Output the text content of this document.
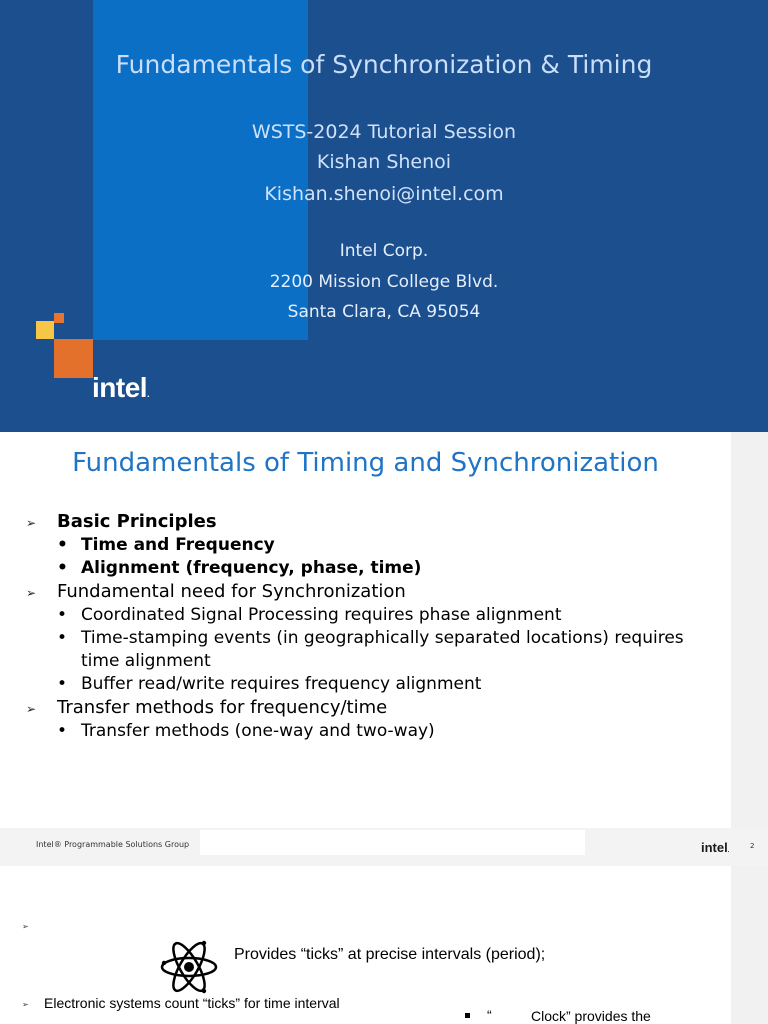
Fundamentals of Synchronization & Timing
WSTS-2024 Tutorial Session
Kishan Shenoi
Kishan.shenoi@intel.com
Intel Corp.
2200 Mission College Blvd.
Santa Clara, CA 95054
intel.
Fundamentals of Timing and Synchronization
➢ Basic Principles
• Time and Frequency
• Alignment (frequency, phase, time)
➢ Fundamental need for Synchronization
• Coordinated Signal Processing requires phase alignment
• Time-stamping events (in geographically separated locations) requires time alignment
• Buffer read/write requires frequency alignment
➢ Transfer methods for frequency/time
• Transfer methods (one-way and two-way)
Intel® Programmable Solutions Group	intel.
2
➢
Provides “ticks” at precise intervals (period);
➢ Electronic systems count “ticks” for time interval
“	Clock” provides the
